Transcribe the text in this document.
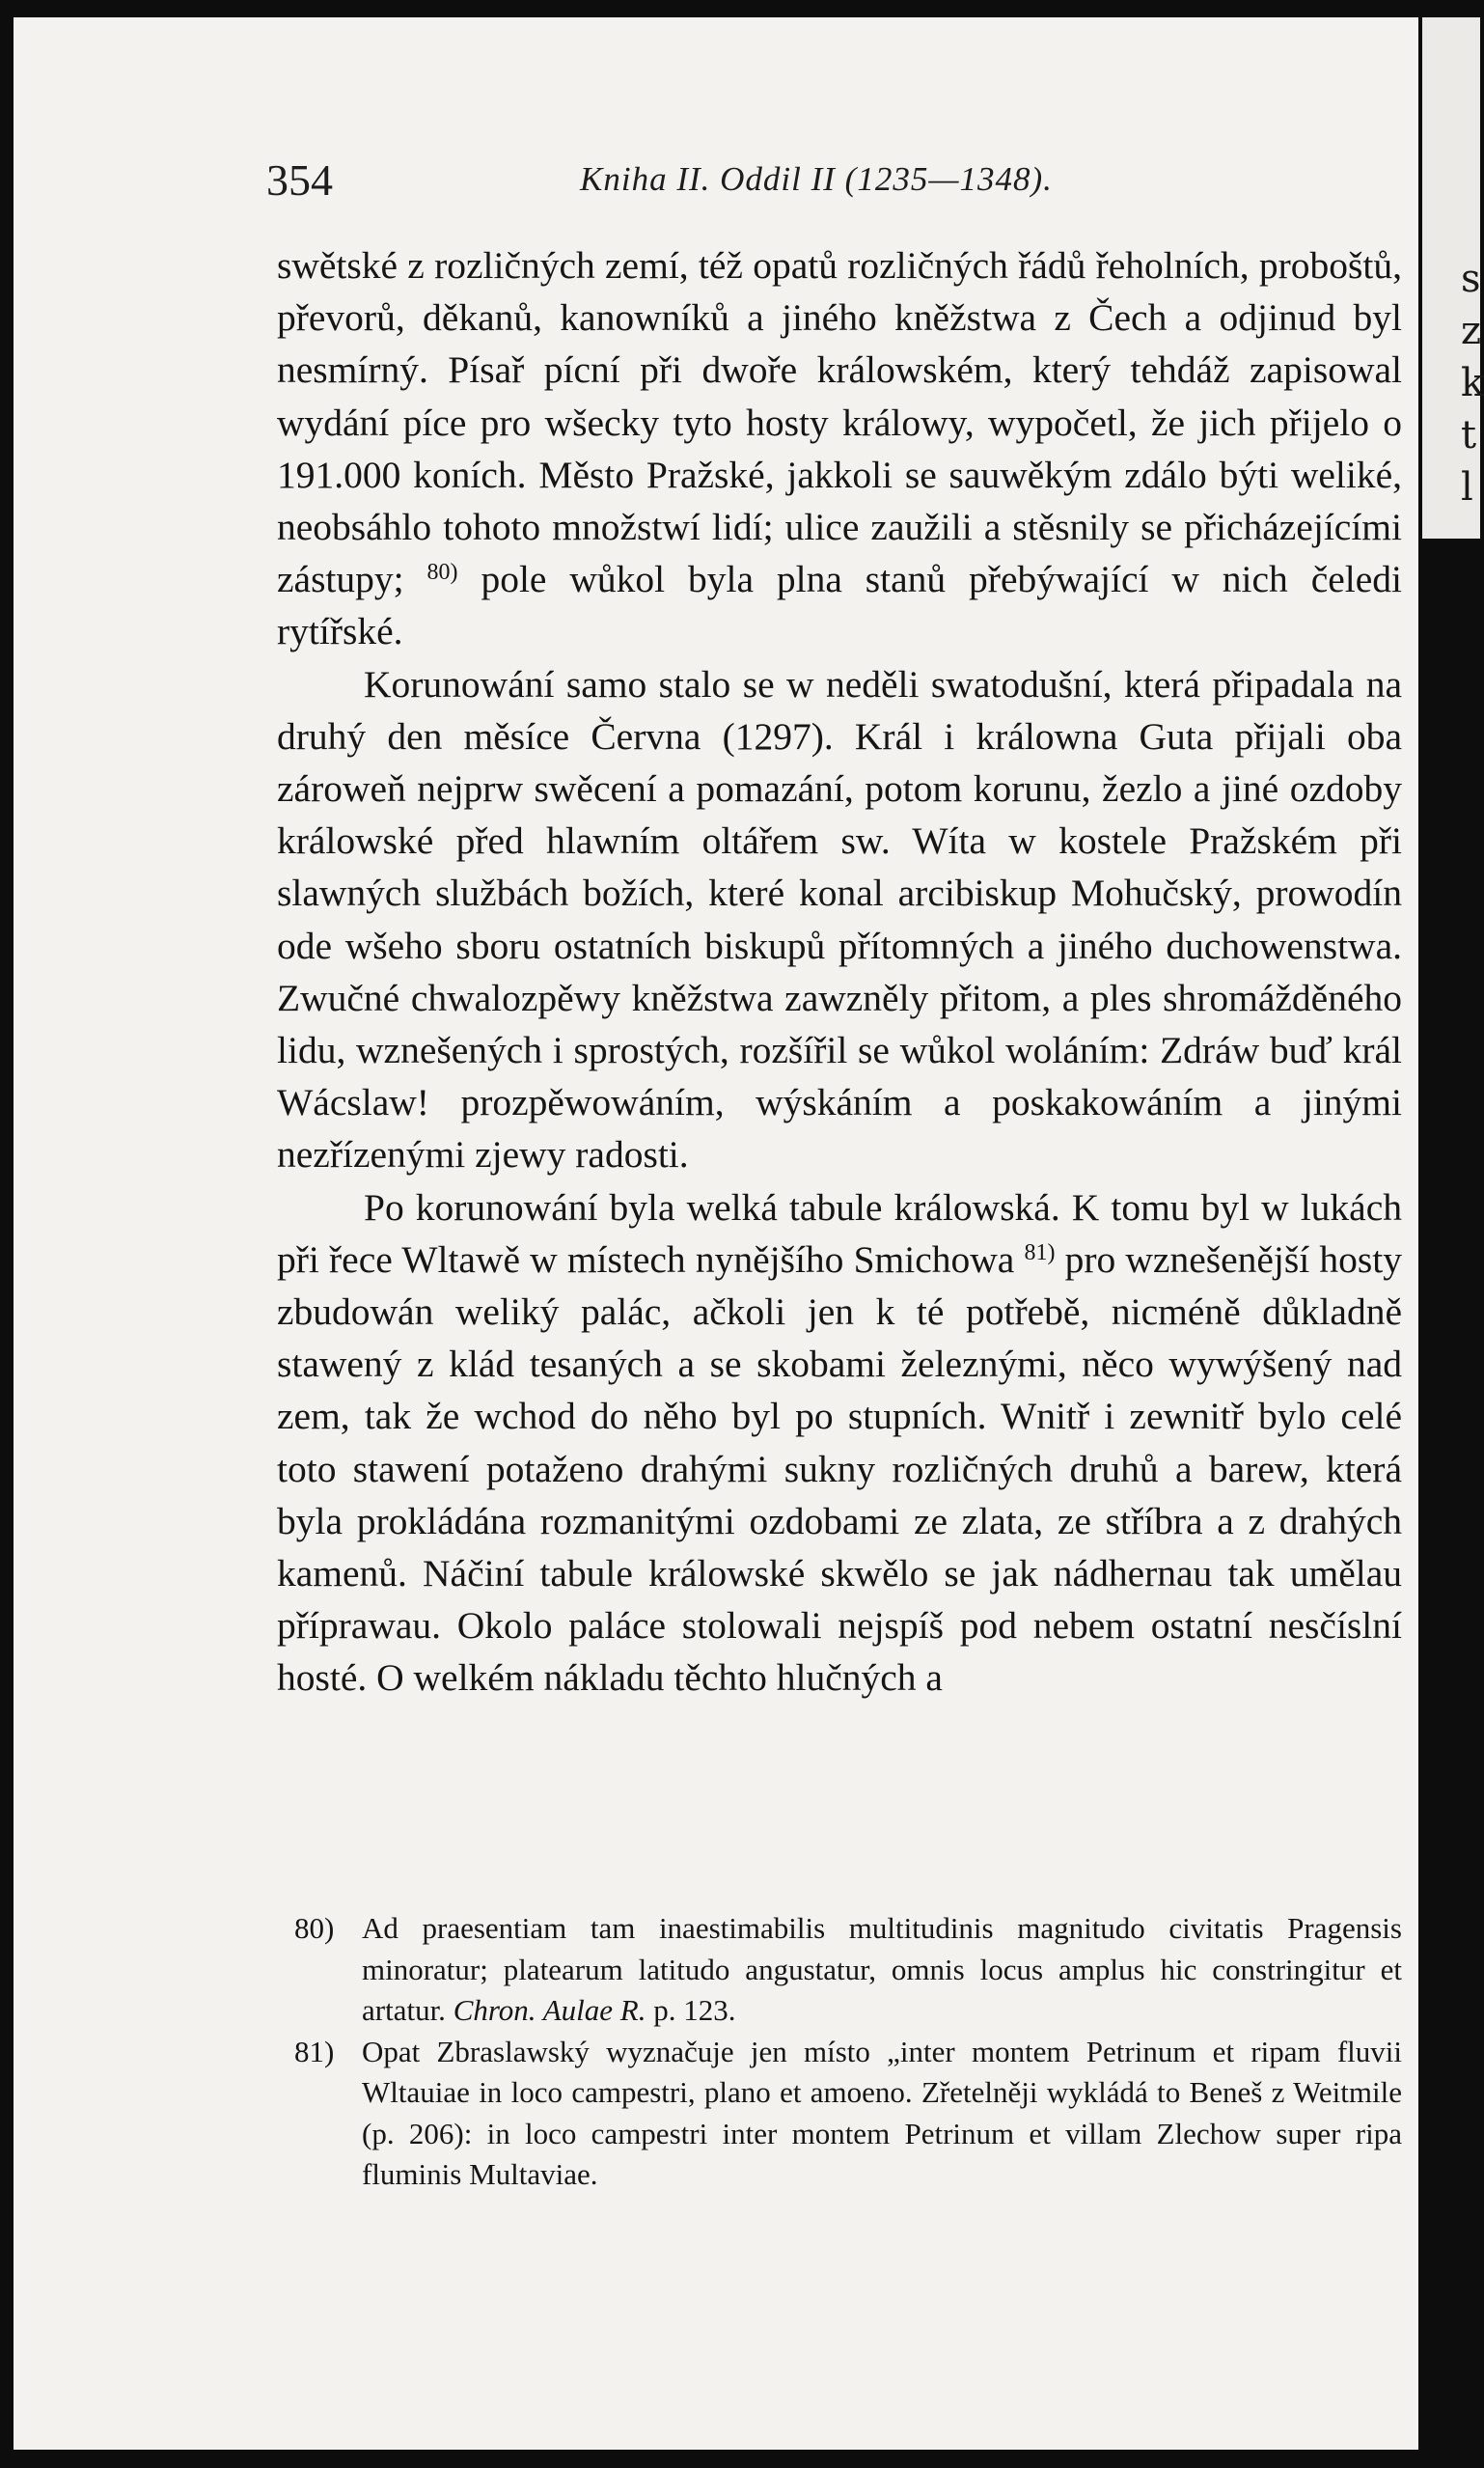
s
z
k
t
l
354	Kniha II. Oddil II (1235—1348).

swětské z rozličných zemí, též opatů rozličných řádů řeholních, proboštů, převorů, děkanů, kanowníků a jiného kněžstwa z Čech a odjinud byl nesmírný. Písař pícní při dwoře králowském, který tehdáž zapisowal wydání píce pro wšecky tyto hosty králowy, wypočetl, že jich přijelo o 191.000 koních. Město Pražské, jakkoli se sauwěkým zdálo býti weliké, neobsáhlo tohoto množstwí lidí; ulice zaužili a stěsnily se přicházejícími zástupy; $^{80)}$ pole wůkol byla plna stanů přebýwající w nich čeledi rytířské.

Korunowání samo stalo se w neděli swatodušní, která připadala na druhý den měsíce Června (1297). Král i králowna Guta přijali oba zároweň nejprw swěcení a pomazání, potom korunu, žezlo a jiné ozdoby králowské před hlawním oltářem sw. Wíta w kostele Pražském při slawných službách božích, které konal arcibiskup Mohučský, prowodín ode wšeho sboru ostatních biskupů přítomných a jiného duchowenstwa. Zwučné chwalozpěwy kněžstwa zawzněly přitom, a ples shromážděného lidu, wznešených i sprostých, rozšířil se wůkol woláním: Zdráw buď král Wácslaw! prozpěwowáním, wýskáním a poskakowáním a jinými nezřízenými zjewy radosti.

Po korunowání byla welká tabule králowská. K tomu byl w lukách při řece Wltawě w místech nynějšího Smichowa $^{81)}$ pro wznešenější hosty zbudowán weliký palác, ačkoli jen k té potřebě, nicméně důkladně stawený z klád tesaných a se skobami železnými, něco wywýšený nad zem, tak že wchod do něho byl po stupních. Wnitř i zewnitř bylo celé toto stawení potaženo drahými sukny rozličných druhů a barew, která byla prokládána rozmanitými ozdobami ze zlata, ze stříbra a z drahých kamenů. Náčiní tabule králowské skwělo se jak nádhernau tak umělau příprawau. Okolo paláce stolowali nejspíš pod nebem ostatní nesčíslní hosté. O welkém nákladu těchto hlučných a

80) Ad praesentiam tam inaestimabilis multitudinis magnitudo civitatis Pragensis minoratur; platearum latitudo angustatur, omnis locus amplus hic constringitur et artatur. Chron. Aulae R. p. 123.

81) Opat Zbraslawský wyznačuje jen místo „inter montem Petrinum et ripam fluvii Wltauiae in loco campestri, plano et amoeno. Zřetelněji wykládá to Beneš z Weitmile (p. 206): in loco campestri inter montem Petrinum et villam Zlechow super ripa fluminis Multaviae.
